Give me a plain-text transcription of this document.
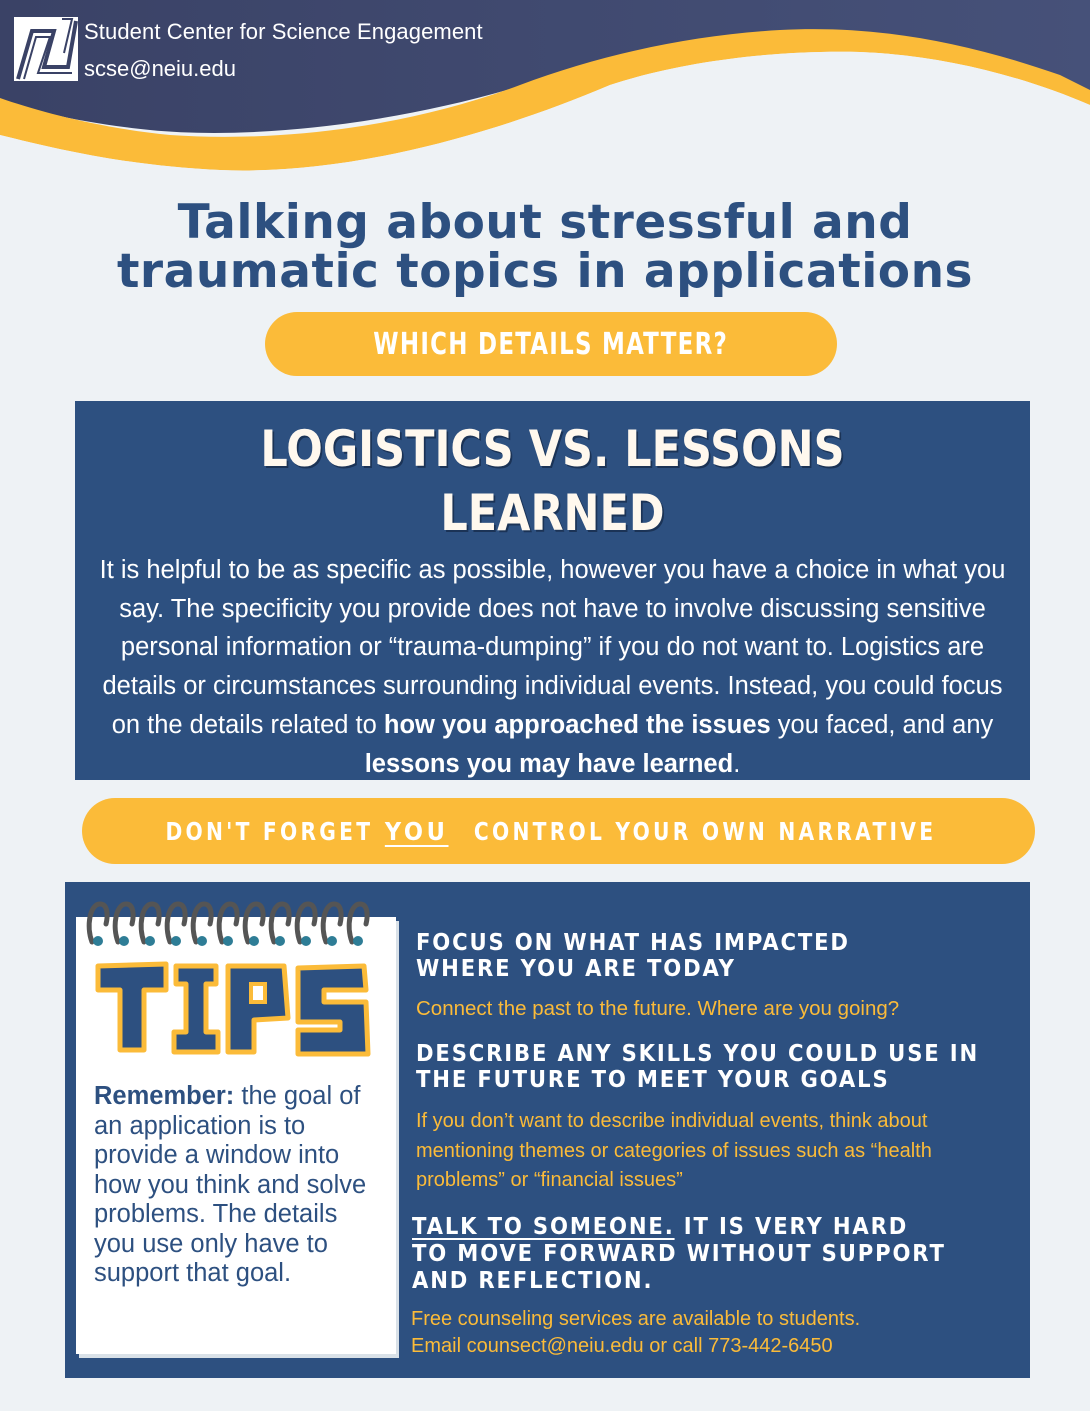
Student Center for Science Engagement
scse@neiu.edu
Talking about stressful and
traumatic topics in applications
WHICH DETAILS MATTER?
LOGISTICS VS. LESSONS LEARNED

It is helpful to be as specific as possible, however you have a choice in what you say. The specificity you provide does not have to involve discussing sensitive personal information or “trauma-dumping” if you do not want to. Logistics are details or circumstances surrounding individual events. Instead, you could focus on the details related to how you approached the issues you faced, and any lessons you may have learned.

DON'T FORGETYOUCONTROL YOUR OWN NARRATIVE
TIPS
Remember: the goal of an application is to provide a window into how you think and solve problems. The details you use only have to support that goal.
FOCUS ON WHAT HAS IMPACTED
WHERE YOU ARE TODAY
Connect the past to the future. Where are you going?
DESCRIBE ANY SKILLS YOU COULD USE IN
THE FUTURE TO MEET YOUR GOALS
If you don’t want to describe individual events, think about mentioning themes or categories of issues such as “health problems” or “financial issues”
TALK TO SOMEONE. IT IS VERY HARD
TO MOVE FORWARD WITHOUT SUPPORT
AND REFLECTION.
Free counseling services are available to students.
Email counsect@neiu.edu or call 773-442-6450
